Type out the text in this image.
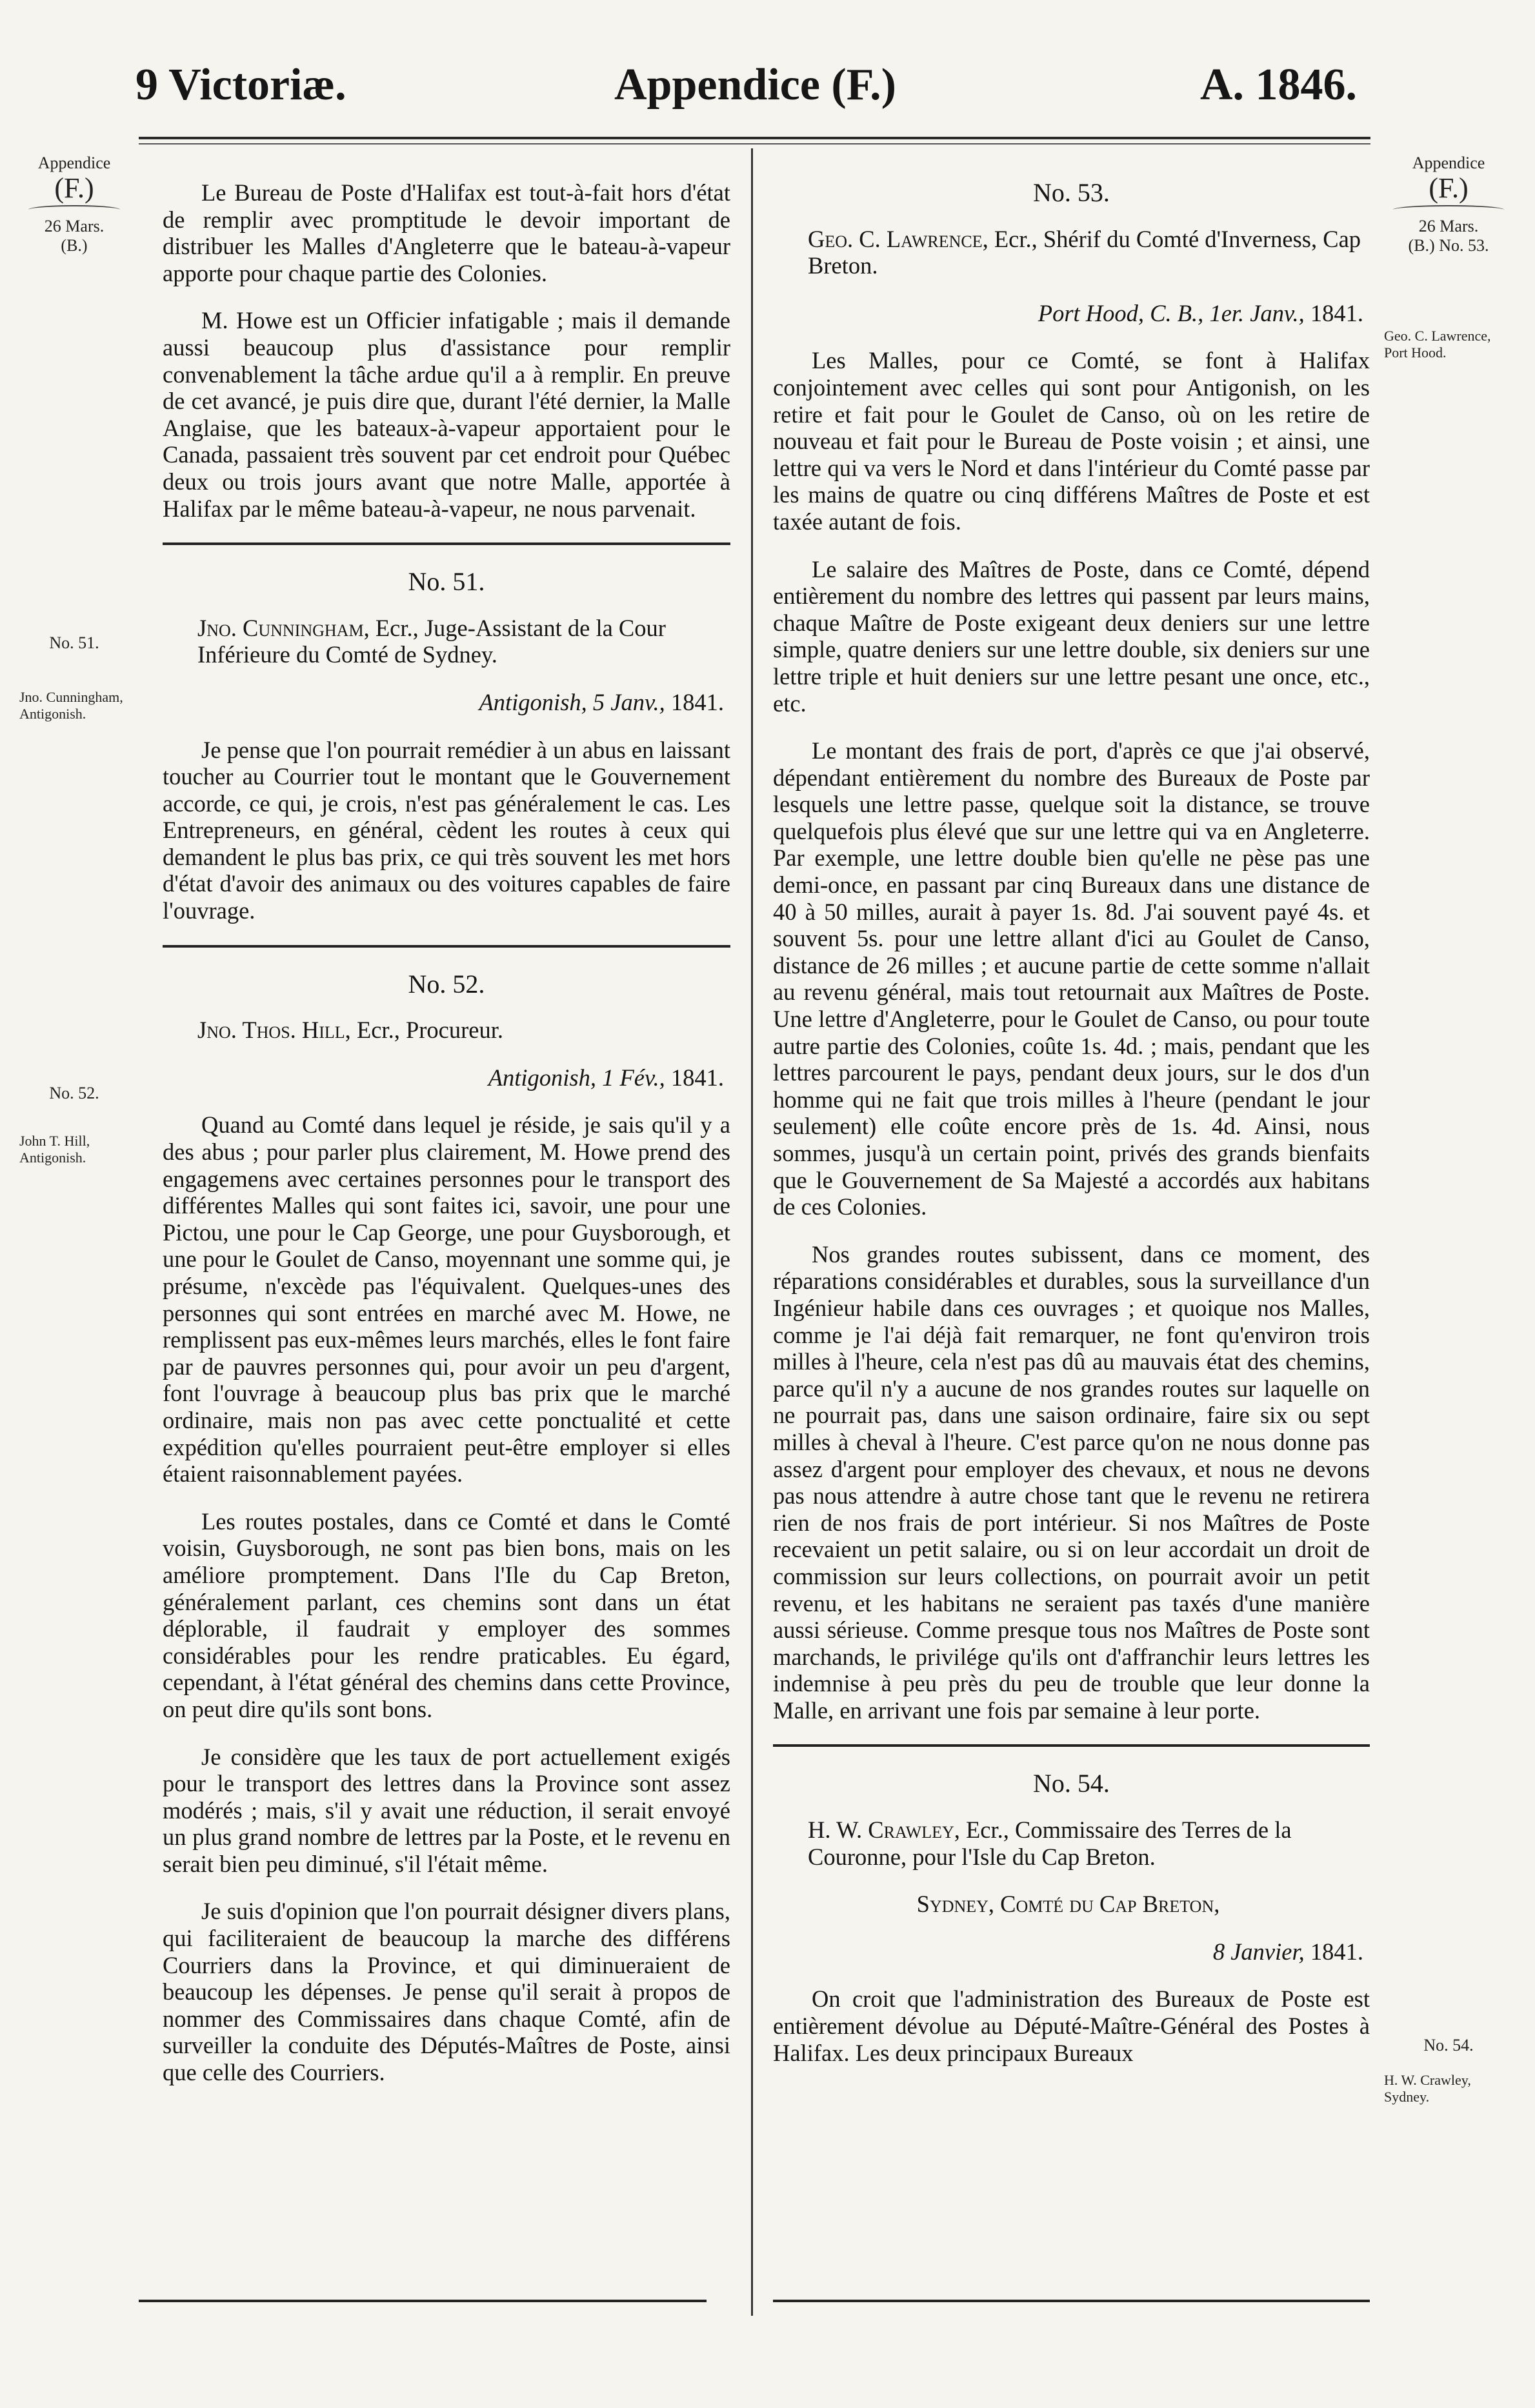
9 Victoriæ.	Appendice (F.)	A. 1846.
Appendice
(F.)
26 Mars.
(B.)
No. 51.
Jno. Cunningham, Antigonish.
No. 52.
John T. Hill, Antigonish.
Appendice
(F.)
26 Mars.
(B.) No. 53.
Geo. C. Lawrence, Port Hood.
No. 54.
H. W. Crawley, Sydney.

Le Bureau de Poste d'Halifax est tout-à-fait hors d'état de remplir avec promptitude le devoir important de distribuer les Malles d'Angleterre que le bateau-à-vapeur apporte pour chaque partie des Colonies.

M. Howe est un Officier infatigable ; mais il demande aussi beaucoup plus d'assistance pour remplir convenablement la tâche ardue qu'il a à remplir. En preuve de cet avancé, je puis dire que, durant l'été dernier, la Malle Anglaise, que les bateaux-à-vapeur apportaient pour le Canada, passaient très souvent par cet endroit pour Québec deux ou trois jours avant que notre Malle, apportée à Halifax par le même bateau-à-vapeur, ne nous parvenait.

No. 51.

Jno. Cunningham, Ecr., Juge-Assistant de la Cour Inférieure du Comté de Sydney.

Antigonish, 5 Janv., 1841.

Je pense que l'on pourrait remédier à un abus en laissant toucher au Courrier tout le montant que le Gouvernement accorde, ce qui, je crois, n'est pas généralement le cas. Les Entrepreneurs, en général, cèdent les routes à ceux qui demandent le plus bas prix, ce qui très souvent les met hors d'état d'avoir des animaux ou des voitures capables de faire l'ouvrage.

No. 52.

Jno. Thos. Hill, Ecr., Procureur.

Antigonish, 1 Fév., 1841.

Quand au Comté dans lequel je réside, je sais qu'il y a des abus ; pour parler plus clairement, M. Howe prend des engagemens avec certaines personnes pour le transport des différentes Malles qui sont faites ici, savoir, une pour une Pictou, une pour le Cap George, une pour Guysborough, et une pour le Goulet de Canso, moyennant une somme qui, je présume, n'excède pas l'équivalent. Quelques-unes des personnes qui sont entrées en marché avec M. Howe, ne remplissent pas eux-mêmes leurs marchés, elles le font faire par de pauvres personnes qui, pour avoir un peu d'argent, font l'ouvrage à beaucoup plus bas prix que le marché ordinaire, mais non pas avec cette ponctualité et cette expédition qu'elles pourraient peut-être employer si elles étaient raisonnablement payées.

Les routes postales, dans ce Comté et dans le Comté voisin, Guysborough, ne sont pas bien bons, mais on les améliore promptement. Dans l'Ile du Cap Breton, généralement parlant, ces chemins sont dans un état déplorable, il faudrait y employer des sommes considérables pour les rendre praticables. Eu égard, cependant, à l'état général des chemins dans cette Province, on peut dire qu'ils sont bons.

Je considère que les taux de port actuellement exigés pour le transport des lettres dans la Province sont assez modérés ; mais, s'il y avait une réduction, il serait envoyé un plus grand nombre de lettres par la Poste, et le revenu en serait bien peu diminué, s'il l'était même.

Je suis d'opinion que l'on pourrait désigner divers plans, qui faciliteraient de beaucoup la marche des différens Courriers dans la Province, et qui diminueraient de beaucoup les dépenses. Je pense qu'il serait à propos de nommer des Commissaires dans chaque Comté, afin de surveiller la conduite des Députés-Maîtres de Poste, ainsi que celle des Courriers.

No. 53.

Geo. C. Lawrence, Ecr., Shérif du Comté d'Inverness, Cap Breton.

Port Hood, C. B., 1er. Janv., 1841.

Les Malles, pour ce Comté, se font à Halifax conjointement avec celles qui sont pour Antigonish, on les retire et fait pour le Goulet de Canso, où on les retire de nouveau et fait pour le Bureau de Poste voisin ; et ainsi, une lettre qui va vers le Nord et dans l'intérieur du Comté passe par les mains de quatre ou cinq différens Maîtres de Poste et est taxée autant de fois.

Le salaire des Maîtres de Poste, dans ce Comté, dépend entièrement du nombre des lettres qui passent par leurs mains, chaque Maître de Poste exigeant deux deniers sur une lettre simple, quatre deniers sur une lettre double, six deniers sur une lettre triple et huit deniers sur une lettre pesant une once, etc., etc.

Le montant des frais de port, d'après ce que j'ai observé, dépendant entièrement du nombre des Bureaux de Poste par lesquels une lettre passe, quelque soit la distance, se trouve quelquefois plus élevé que sur une lettre qui va en Angleterre. Par exemple, une lettre double bien qu'elle ne pèse pas une demi-once, en passant par cinq Bureaux dans une distance de 40 à 50 milles, aurait à payer 1s. 8d. J'ai souvent payé 4s. et souvent 5s. pour une lettre allant d'ici au Goulet de Canso, distance de 26 milles ; et aucune partie de cette somme n'allait au revenu général, mais tout retournait aux Maîtres de Poste. Une lettre d'Angleterre, pour le Goulet de Canso, ou pour toute autre partie des Colonies, coûte 1s. 4d. ; mais, pendant que les lettres parcourent le pays, pendant deux jours, sur le dos d'un homme qui ne fait que trois milles à l'heure (pendant le jour seulement) elle coûte encore près de 1s. 4d. Ainsi, nous sommes, jusqu'à un certain point, privés des grands bienfaits que le Gouvernement de Sa Majesté a accordés aux habitans de ces Colonies.

Nos grandes routes subissent, dans ce moment, des réparations considérables et durables, sous la surveillance d'un Ingénieur habile dans ces ouvrages ; et quoique nos Malles, comme je l'ai déjà fait remarquer, ne font qu'environ trois milles à l'heure, cela n'est pas dû au mauvais état des chemins, parce qu'il n'y a aucune de nos grandes routes sur laquelle on ne pourrait pas, dans une saison ordinaire, faire six ou sept milles à cheval à l'heure. C'est parce qu'on ne nous donne pas assez d'argent pour employer des chevaux, et nous ne devons pas nous attendre à autre chose tant que le revenu ne retirera rien de nos frais de port intérieur. Si nos Maîtres de Poste recevaient un petit salaire, ou si on leur accordait un droit de commission sur leurs collections, on pourrait avoir un petit revenu, et les habitans ne seraient pas taxés d'une manière aussi sérieuse. Comme presque tous nos Maîtres de Poste sont marchands, le privilége qu'ils ont d'affranchir leurs lettres les indemnise à peu près du peu de trouble que leur donne la Malle, en arrivant une fois par semaine à leur porte.

No. 54.

H. W. Crawley, Ecr., Commissaire des Terres de la Couronne, pour l'Isle du Cap Breton.

Sydney, Comté du Cap Breton,

8 Janvier, 1841.

On croit que l'administration des Bureaux de Poste est entièrement dévolue au Député-Maître-Général des Postes à Halifax. Les deux principaux Bureaux
